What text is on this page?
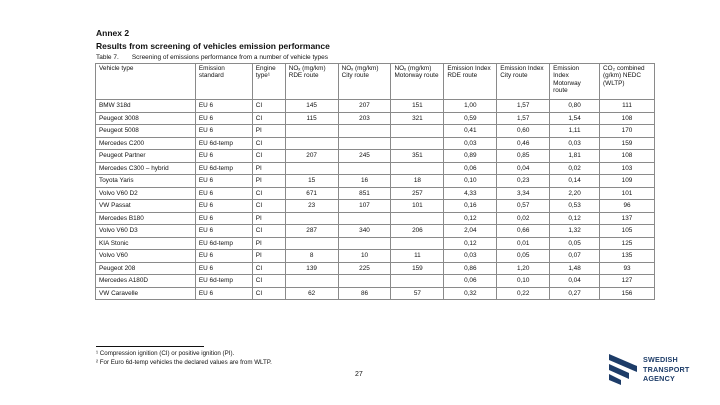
Annex 2
Results from screening of vehicles emission performance
Table 7. Screening of emissions performance from a number of vehicle types
Vehicle type	Emission standard	Engine type¹	NOₓ (mg/km) RDE route	NOₓ (mg/km) City route	NOₓ (mg/km) Motorway route	Emission Index RDE route	Emission Index City route	Emission Index Motorway route	CO₂ combined (g/km) NEDC (WLTP)
BMW 318d	EU 6	CI	145	207	151	1,00	1,57	0,80	111
Peugeot 3008	EU 6	CI	115	203	321	0,59	1,57	1,54	108
Peugeot 5008	EU 6	PI				0,41	0,60	1,11	170
Mercedes C200	EU 6d-temp	CI				0,03	0,46	0,03	159
Peugeot Partner	EU 6	CI	207	245	351	0,89	0,85	1,81	108
Mercedes C300 – hybrid	EU 6d-temp	PI				0,06	0,04	0,02	103
Toyota Yaris	EU 6	PI	15	16	18	0,10	0,23	0,14	109
Volvo V60 D2	EU 6	CI	671	851	257	4,33	3,34	2,20	101
VW Passat	EU 6	CI	23	107	101	0,16	0,57	0,53	96
Mercedes B180	EU 6	PI				0,12	0,02	0,12	137
Volvo V60 D3	EU 6	CI	287	340	206	2,04	0,66	1,32	105
KIA Stonic	EU 6d-temp	PI				0,12	0,01	0,05	125
Volvo V60	EU 6	PI	8	10	11	0,03	0,05	0,07	135
Peugeot 208	EU 6	CI	139	225	159	0,86	1,20	1,48	93
Mercedes A180D	EU 6d-temp	CI				0,06	0,10	0,04	127
VW Caravelle	EU 6	CI	62	86	57	0,32	0,22	0,27	156
¹ Compression ignition (CI) or positive ignition (PI).
² For Euro 6d-temp vehicles the declared values are from WLTP.
27
SWEDISH
TRANSPORT
AGENCY
